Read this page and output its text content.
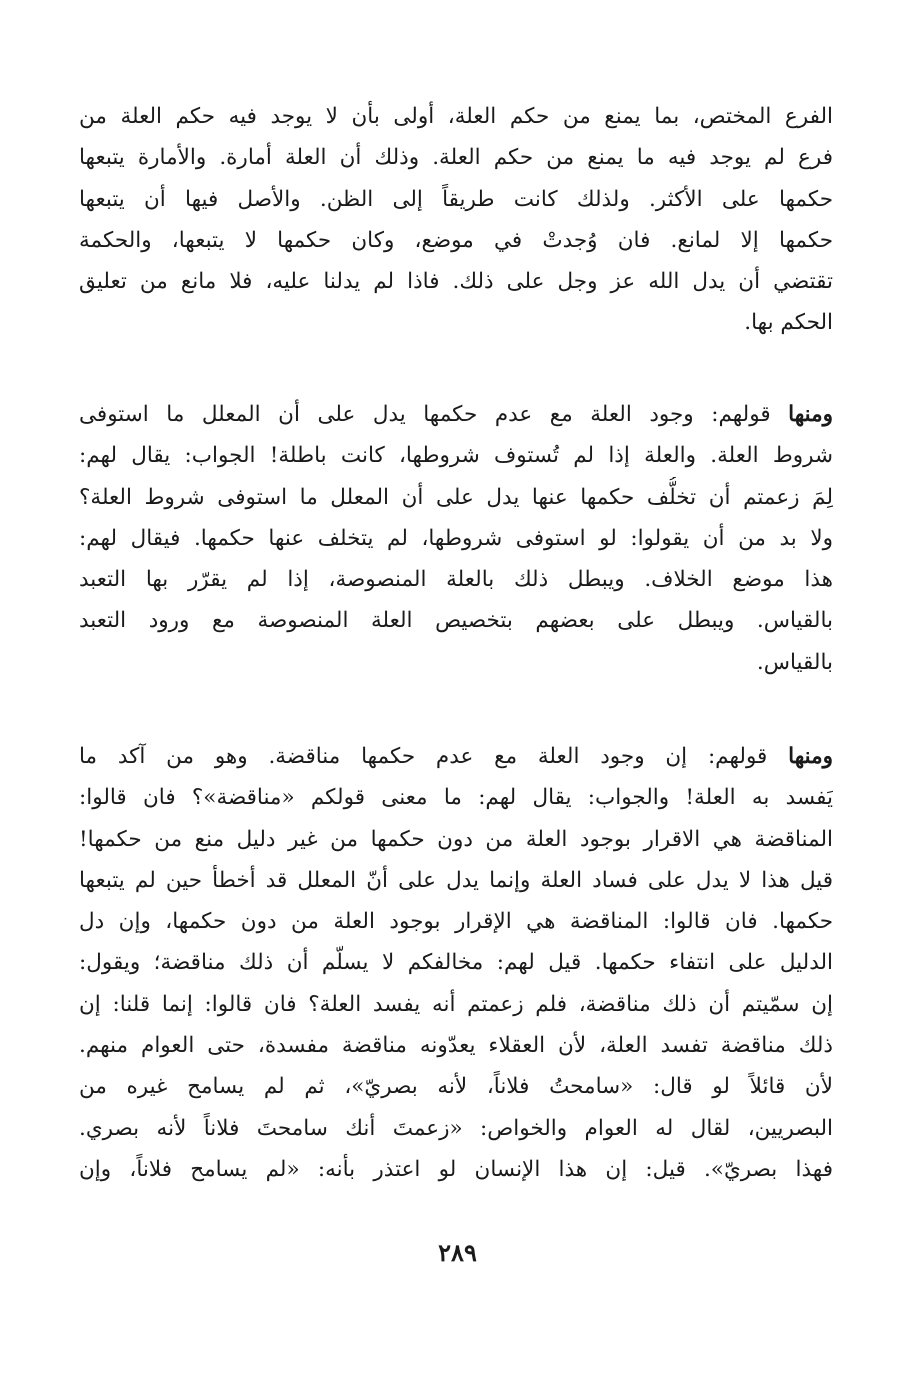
الفرع المختص، بما يمنع من حكم العلة، أولى بأن لا يوجد فيه حكم العلة من
فرع لم يوجد فيه ما يمنع من حكم العلة. وذلك أن العلة أمارة. والأمارة يتبعها
حكمها على الأكثر. ولذلك كانت طريقاً إلى الظن. والأصل فيها أن يتبعها
حكمها إلا لمانع. فان وُجدتْ في موضع، وكان حكمها لا يتبعها، والحكمة
تقتضي أن يدل الله عز وجل على ذلك. فاذا لم يدلنا عليه، فلا مانع من تعليق
الحكم بها.
ومنها قولهم: وجود العلة مع عدم حكمها يدل على أن المعلل ما استوفى
شروط العلة. والعلة إذا لم تُستوف شروطها، كانت باطلة! الجواب: يقال لهم:
لِمَ زعمتم أن تخلُّف حكمها عنها يدل على أن المعلل ما استوفى شروط العلة؟
ولا بد من أن يقولوا: لو استوفى شروطها، لم يتخلف عنها حكمها. فيقال لهم:
هذا موضع الخلاف. ويبطل ذلك بالعلة المنصوصة، إذا لم يقرّر بها التعبد
بالقياس. ويبطل على بعضهم بتخصيص العلة المنصوصة مع ورود التعبد
بالقياس.
ومنها قولهم: إن وجود العلة مع عدم حكمها مناقضة. وهو من آكد ما
يَفسد به العلة! والجواب: يقال لهم: ما معنى قولكم «مناقضة»؟ فان قالوا:
المناقضة هي الاقرار بوجود العلة من دون حكمها من غير دليل منع من حكمها!
قيل هذا لا يدل على فساد العلة وإنما يدل على أنّ المعلل قد أخطأ حين لم يتبعها
حكمها. فان قالوا: المناقضة هي الإقرار بوجود العلة من دون حكمها، وإن دل
الدليل على انتفاء حكمها. قيل لهم: مخالفكم لا يسلّم أن ذلك مناقضة؛ ويقول:
إن سمّيتم أن ذلك مناقضة، فلم زعمتم أنه يفسد العلة؟ فان قالوا: إنما قلنا: إن
ذلك مناقضة تفسد العلة، لأن العقلاء يعدّونه مناقضة مفسدة، حتى العوام منهم.
لأن قائلاً لو قال: «سامحتُ فلاناً، لأنه بصريّ»، ثم لم يسامح غيره من
البصريين، لقال له العوام والخواص: «زعمتَ أنك سامحتَ فلاناً لأنه بصري.
فهذا بصريّ». قيل: إن هذا الإنسان لو اعتذر بأنه: «لم يسامح فلاناً، وإن
٢٨٩
